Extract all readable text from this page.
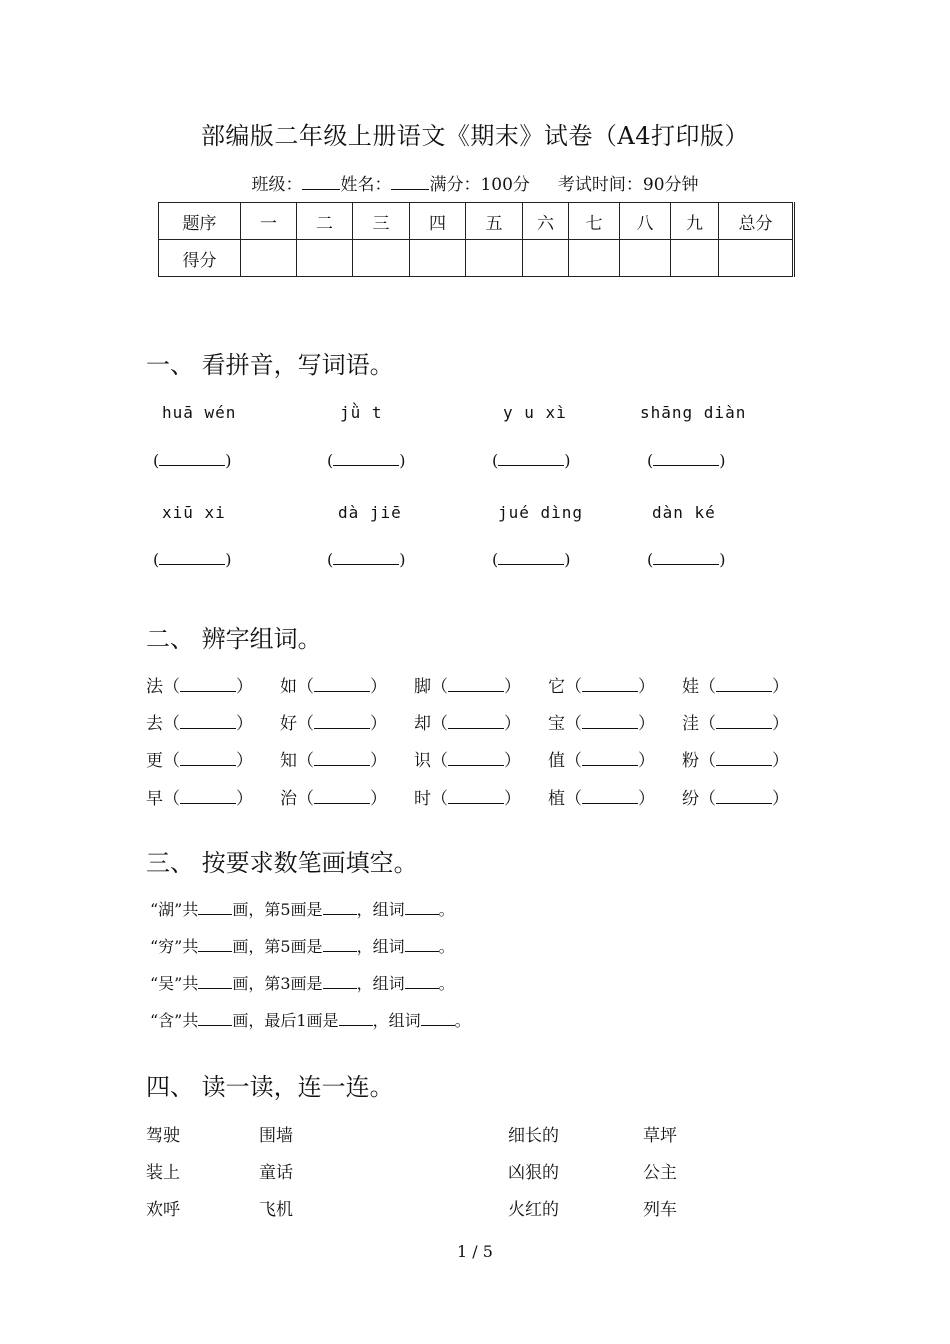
部编版二年级上册语文《期末》试卷（A4打印版）
班级： 姓名： 满分：100分 考试时间：90分钟
题序	一	二	三	四	五	六	七	八	九	总分
得分										
一、 看拼音，写词语。
huā wén	jǜ t	y u xì	shāng diàn
(	)	(	)	(	)	(	)
xiū xi	dà jiē	jué dìng	dàn ké
(	)	(	)	(	)	(	)
二、 辨字组词。
法（	） 如（	） 脚（	） 它（	） 娃（	）
去（	） 好（	） 却（	） 宝（	） 洼（	）
更（	） 知（	） 识（	） 值（	） 粉（	）
早（	） 治（	） 时（	） 植（	） 纷（	）
三、 按要求数笔画填空。
“湖”共 画，第5画是 ，组词 。
“穷”共 画，第5画是 ，组词 。
“吴”共 画，第3画是 ，组词 。
“含”共 画，最后1画是 ，组词 。
四、 读一读，连一连。
驾驶	围墙	细长的	草坪
装上	童话	凶狠的	公主
欢呼	飞机	火红的	列车
1 / 5
